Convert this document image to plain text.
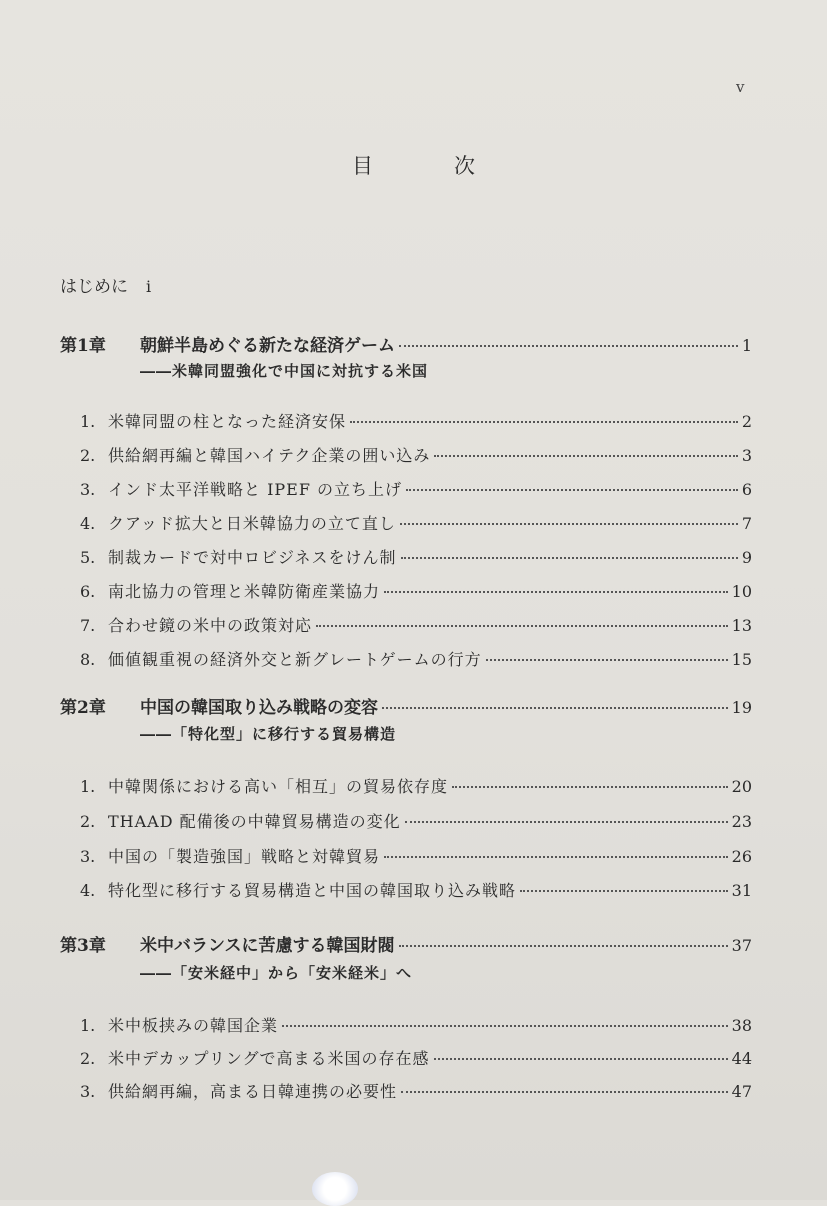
v
目　次
はじめに i
第1章	朝鮮半島めぐる新たな経済ゲーム	1
――米韓同盟強化で中国に対抗する米国
1. 米韓同盟の柱となった経済安保	2
2. 供給網再編と韓国ハイテク企業の囲い込み	3
3. インド太平洋戦略と IPEF の立ち上げ	6
4. クアッド拡大と日米韓協力の立て直し	7
5. 制裁カードで対中ロビジネスをけん制	9
6. 南北協力の管理と米韓防衛産業協力	10
7. 合わせ鏡の米中の政策対応	13
8. 価値観重視の経済外交と新グレートゲームの行方	15
第2章	中国の韓国取り込み戦略の変容	19
――「特化型」に移行する貿易構造
1. 中韓関係における高い「相互」の貿易依存度	20
2. THAAD 配備後の中韓貿易構造の変化	23
3. 中国の「製造強国」戦略と対韓貿易	26
4. 特化型に移行する貿易構造と中国の韓国取り込み戦略	31
第3章	米中バランスに苦慮する韓国財閥	37
――「安米経中」から「安米経米」へ
1. 米中板挟みの韓国企業	38
2. 米中デカップリングで高まる米国の存在感	44
3. 供給網再編，高まる日韓連携の必要性	47
